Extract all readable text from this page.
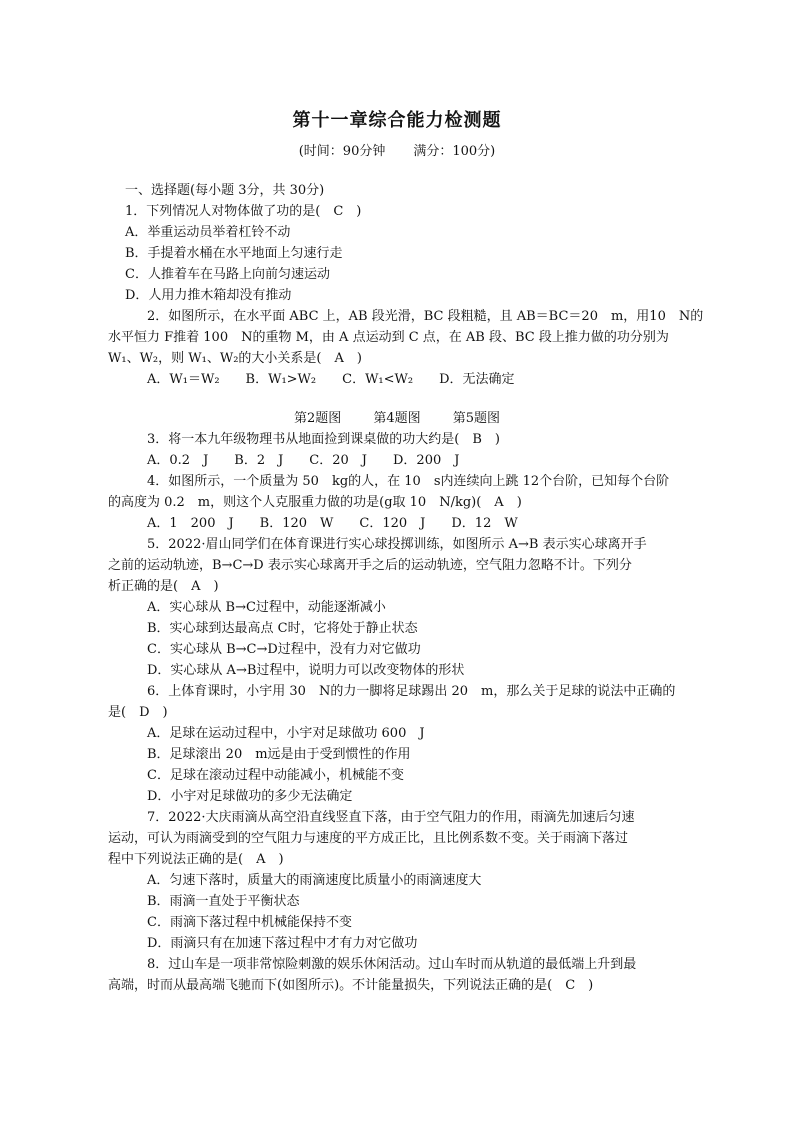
第十一章综合能力检测题
(时间：90分钟 满分：100分)
一、选择题(每小题 3分，共 30分)
1．下列情况人对物体做了功的是(　C　)
A．举重运动员举着杠铃不动
B．手提着水桶在水平地面上匀速行走
C．人推着车在马路上向前匀速运动
D．人用力推木箱却没有推动
2．如图所示，在水平面 ABC 上，AB 段光滑，BC 段粗糙，且 AB＝BC＝20　m，用10　N的
水平恒力 F推着 100　N的重物 M，由 A 点运动到 C 点，在 AB 段、BC 段上推力做的功分别为
W₁、W₂，则 W₁、W₂的大小关系是(　A　)
A．W₁＝W₂　　B．W₁>W₂　　C．W₁<W₂　　D．无法确定
第2题图 第4题图 第5题图
3．将一本九年级物理书从地面捡到课桌做的功大约是(　B　)
A．0.2　J　　B．2　J　　C．20　J　　D．200　J
4．如图所示，一个质量为 50　kg的人，在 10　s内连续向上跳 12个台阶，已知每个台阶
的高度为 0.2　m，则这个人克服重力做的功是(g取 10　N/kg)(　A　)
A．1　200　J　　B．120　W　　C．120　J　　D．12　W
5．2022·眉山同学们在体育课进行实心球投掷训练，如图所示 A→B 表示实心球离开手
之前的运动轨迹，B→C→D 表示实心球离开手之后的运动轨迹，空气阻力忽略不计。下列分
析正确的是(　A　)
A．实心球从 B→C过程中，动能逐渐减小
B．实心球到达最高点 C时，它将处于静止状态
C．实心球从 B→C→D过程中，没有力对它做功
D．实心球从 A→B过程中，说明力可以改变物体的形状
6．上体育课时，小宇用 30　N的力一脚将足球踢出 20　m，那么关于足球的说法中正确的
是(　D　)
A．足球在运动过程中，小宇对足球做功 600　J
B．足球滚出 20　m远是由于受到惯性的作用
C．足球在滚动过程中动能减小，机械能不变
D．小宇对足球做功的多少无法确定
7．2022·大庆雨滴从高空沿直线竖直下落，由于空气阻力的作用，雨滴先加速后匀速
运动，可认为雨滴受到的空气阻力与速度的平方成正比，且比例系数不变。关于雨滴下落过
程中下列说法正确的是(　A　)
A．匀速下落时，质量大的雨滴速度比质量小的雨滴速度大
B．雨滴一直处于平衡状态
C．雨滴下落过程中机械能保持不变
D．雨滴只有在加速下落过程中才有力对它做功
8．过山车是一项非常惊险刺激的娱乐休闲活动。过山车时而从轨道的最低端上升到最
高端，时而从最高端飞驰而下(如图所示)。不计能量损失，下列说法正确的是(　C　)
